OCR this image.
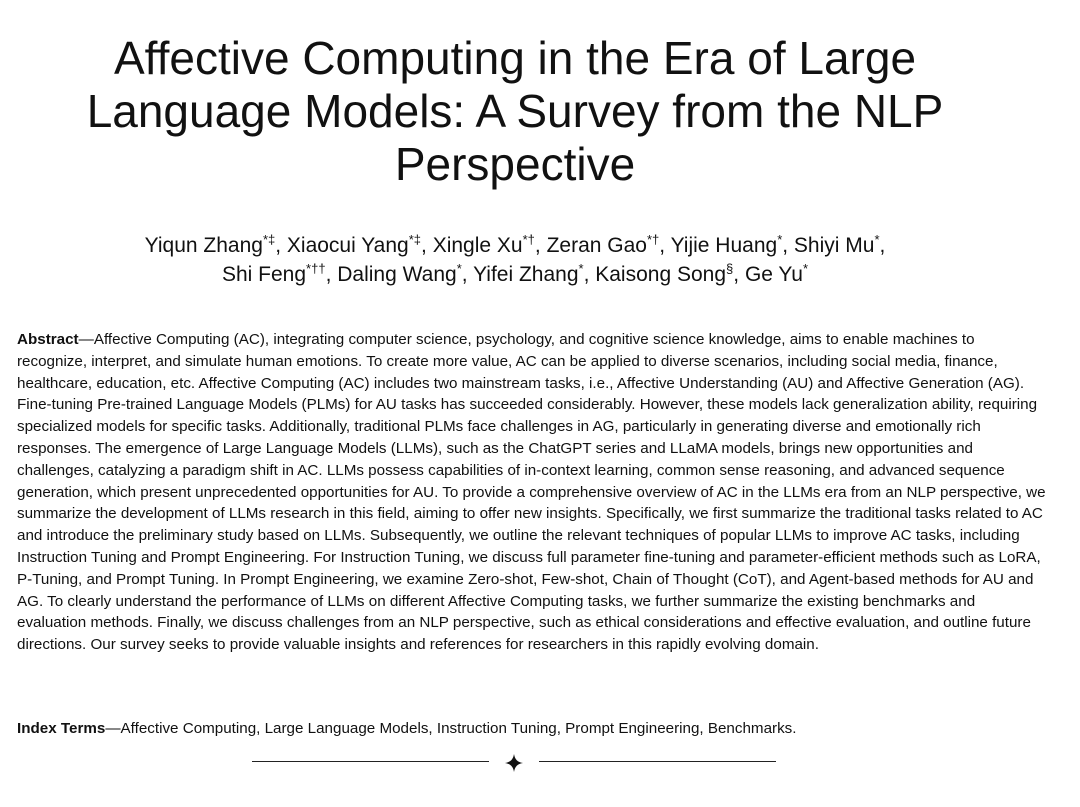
Affective Computing in the Era of Large
Language Models: A Survey from the NLP
Perspective
Yiqun Zhang*‡, Xiaocui Yang*‡, Xingle Xu*†, Zeran Gao*†, Yijie Huang*, Shiyi Mu*,
Shi Feng*††, Daling Wang*, Yifei Zhang*, Kaisong Song§, Ge Yu*

Abstract—Affective Computing (AC), integrating computer science, psychology, and cognitive science knowledge, aims to enable machines to recognize, interpret, and simulate human emotions. To create more value, AC can be applied to diverse scenarios, including social media, finance, healthcare, education, etc. Affective Computing (AC) includes two mainstream tasks, i.e., Affective Understanding (AU) and Affective Generation (AG). Fine-tuning Pre-trained Language Models (PLMs) for AU tasks has succeeded considerably. However, these models lack generalization ability, requiring specialized models for specific tasks. Additionally, traditional PLMs face challenges in AG, particularly in generating diverse and emotionally rich responses. The emergence of Large Language Models (LLMs), such as the ChatGPT series and LLaMA models, brings new opportunities and challenges, catalyzing a paradigm shift in AC. LLMs possess capabilities of in-context learning, common sense reasoning, and advanced sequence generation, which present unprecedented opportunities for AU. To provide a comprehensive overview of AC in the LLMs era from an NLP perspective, we summarize the development of LLMs research in this field, aiming to offer new insights. Specifically, we first summarize the traditional tasks related to AC and introduce the preliminary study based on LLMs. Subsequently, we outline the relevant techniques of popular LLMs to improve AC tasks, including Instruction Tuning and Prompt Engineering. For Instruction Tuning, we discuss full parameter fine-tuning and parameter-efficient methods such as LoRA, P-Tuning, and Prompt Tuning. In Prompt Engineering, we examine Zero-shot, Few-shot, Chain of Thought (CoT), and Agent-based methods for AU and AG. To clearly understand the performance of LLMs on different Affective Computing tasks, we further summarize the existing benchmarks and evaluation methods. Finally, we discuss challenges from an NLP perspective, such as ethical considerations and effective evaluation, and outline future directions. Our survey seeks to provide valuable insights and references for researchers in this rapidly evolving domain.

Index Terms—Affective Computing, Large Language Models, Instruction Tuning, Prompt Engineering, Benchmarks.
